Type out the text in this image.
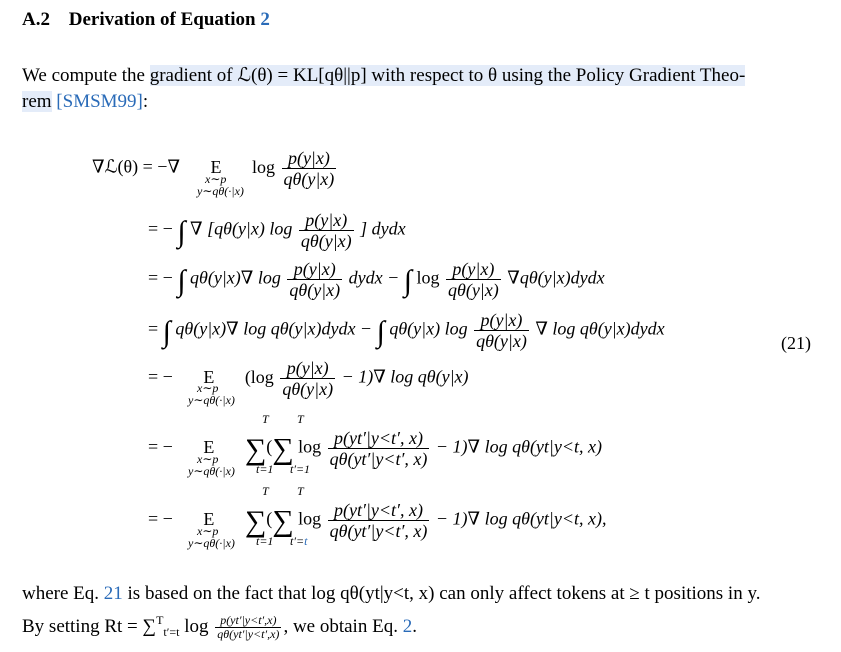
A.2 Derivation of Equation 2
We compute the gradient of ℒ(θ) = KL[qθ||p] with respect to θ using the Policy Gradient Theo-
rem [SMSM99]:
∇ℒ(θ) = −∇ E $\log \frac{p(y|x)}{q\theta(y|x)}$
x∼p
y∼qθ(·|x)
= − ∫ ∇ [qθ(y|x) $\log \frac{p(y|x)}{q\theta(y|x)}$ ] dydx
= − ∫ qθ(y|x)∇ $\log \frac{p(y|x)}{q\theta(y|x)}$ dydx − ∫ $\log \frac{p(y|x)}{q\theta(y|x)}$ ∇qθ(y|x)dydx
= ∫ qθ(y|x)∇ log qθ(y|x)dydx − ∫ qθ(y|x) $\log \frac{p(y|x)}{q\theta(y|x)}$ ∇ log qθ(y|x)dydx
(21)
= − E $(\log \frac{p(y|x)}{q\theta(y|x)} - 1)\nabla$ log qθ(y|x)
x∼p
y∼qθ(·|x)
= − E ∑(∑ $\log \frac{p(yt'|y<t', x)}{q\theta(yt'|y<t', x)} - 1)\nabla$ log qθ(yt|y<t, x)
T T
x∼p
y∼qθ(·|x) t=1 t′=1
= − E ∑(∑ $\log \frac{p(yt'|y<t', x)}{q\theta(yt'|y<t', x)} - 1)\nabla$ log qθ(yt|y<t, x),
T T
x∼p
y∼qθ(·|x) t=1 t′=t
where Eq. 21 is based on the fact that log qθ(yt|y<t, x) can only affect tokens at ≥ t positions in y.
By setting Rt = ∑$^T_{t'=t}$ $\log \frac{p(yt'|y<t',x)}{q\theta(yt'|y<t',x)}$ , we obtain Eq. 2.
